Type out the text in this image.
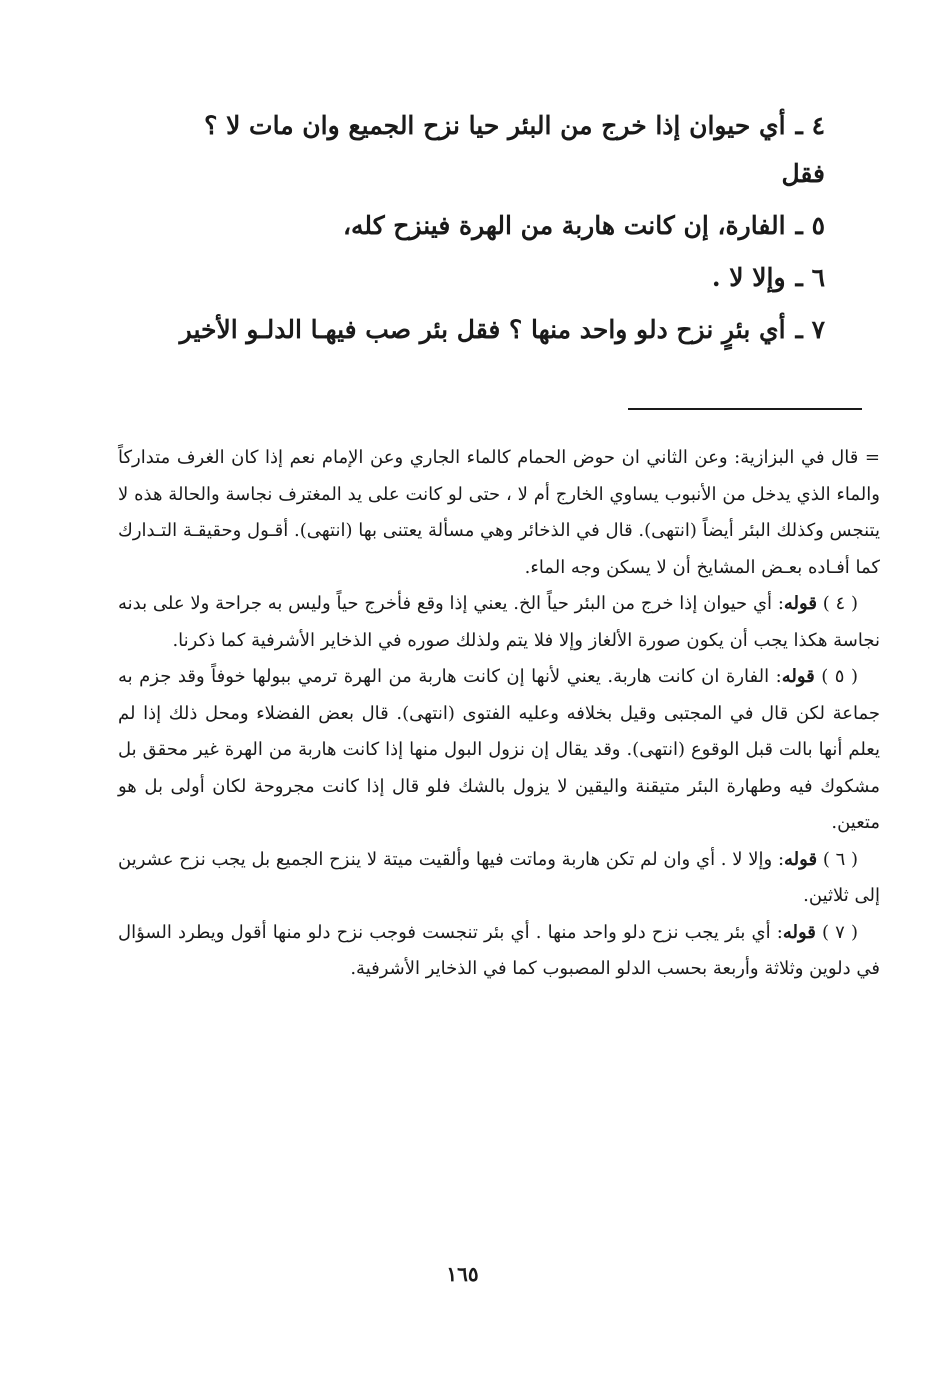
٤ ـأي حيوان إذا خرج من البئر حيا نزح الجميع وان مات لا ؟

فقل

٥ ـالفارة، إن كانت هاربة من الهرة فينزح كله،

٦ ـوإلا لا .

٧ ـأي بئرٍ نزح دلو واحد منها ؟ فقل بئر صب فيهـا الدلـو الأخير

= قال في البزازية: وعن الثاني ان حوض الحمام كالماء الجاري وعن الإمام نعم إذا كان الغرف متداركاً والماء الذي يدخل من الأنبوب يساوي الخارج أم لا ، حتى لو كانت على يد المغترف نجاسة والحالة هذه لا يتنجس وكذلك البئر أيضاً (انتهى). قال في الذخائر وهي مسألة يعتنى بها (انتهى). أقـول وحقيقـة التـدارك كما أفـاده بعـض المشايخ أن لا يسكن وجه الماء.

( ٤ ) قوله: أي حيوان إذا خرج من البئر حياً الخ. يعني إذا وقع فأخرج حياً وليس به جراحة ولا على بدنه نجاسة هكذا يجب أن يكون صورة الألغاز وإلا فلا يتم ولذلك صوره في الذخاير الأشرفية كما ذكرنا.

( ٥ ) قوله: الفارة ان كانت هاربة. يعني لأنها إن كانت هاربة من الهرة ترمي ببولها خوفاً وقد جزم به جماعة لكن قال في المجتبى وقيل بخلافه وعليه الفتوى (انتهى). قال بعض الفضلاء ومحل ذلك إذا لم يعلم أنها بالت قبل الوقوع (انتهى). وقد يقال إن نزول البول منها إذا كانت هاربة من الهرة غير محقق بل مشكوك فيه وطهارة البئر متيقنة واليقين لا يزول بالشك فلو قال إذا كانت مجروحة لكان أولى بل هو متعين.

( ٦ ) قوله: وإلا لا . أي وان لم تكن هاربة وماتت فيها وألقيت ميتة لا ينزح الجميع بل يجب نزح عشرين إلى ثلاثين.

( ٧ ) قوله: أي بئر يجب نزح دلو واحد منها . أي بئر تنجست فوجب نزح دلو منها أقول ويطرد السؤال في دلوين وثلاثة وأربعة بحسب الدلو المصبوب كما في الذخاير الأشرفية.

١٦٥
